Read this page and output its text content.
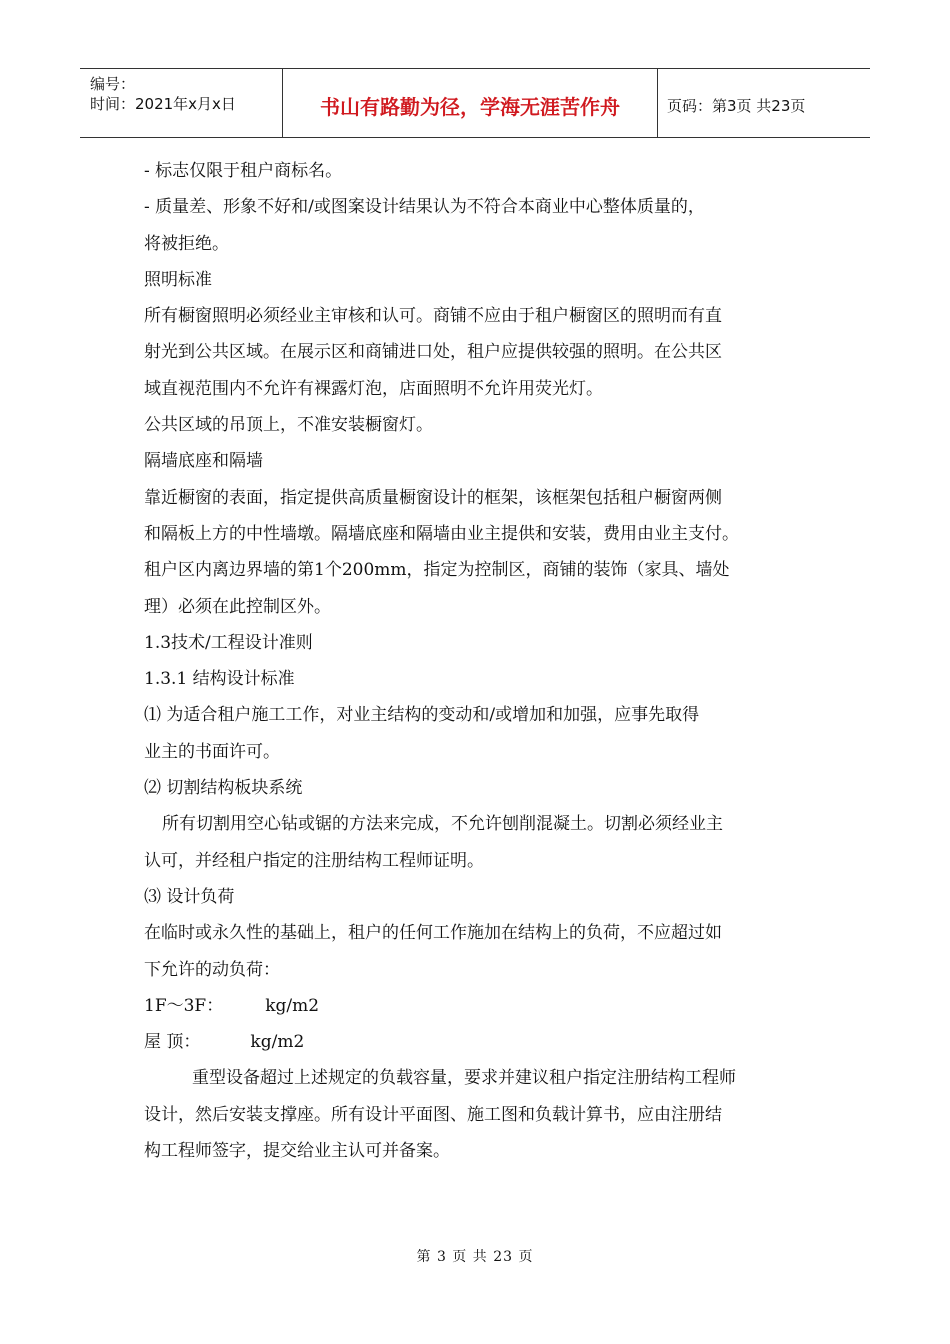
编号：
时间：2021年x月x日	书山有路勤为径，学海无涯苦作舟	页码：第3页 共23页
- 标志仅限于租户商标名。
- 质量差、形象不好和/或图案设计结果认为不符合本商业中心整体质量的，
将被拒绝。
照明标准
所有橱窗照明必须经业主审核和认可。商铺不应由于租户橱窗区的照明而有直
射光到公共区域。在展示区和商铺进口处，租户应提供较强的照明。在公共区
域直视范围内不允许有裸露灯泡，店面照明不允许用荧光灯。
公共区域的吊顶上，不准安装橱窗灯。
隔墙底座和隔墙
靠近橱窗的表面，指定提供高质量橱窗设计的框架，该框架包括租户橱窗两侧
和隔板上方的中性墙墩。隔墙底座和隔墙由业主提供和安装，费用由业主支付。
租户区内离边界墙的第1个200mm，指定为控制区，商铺的装饰（家具、墙处
理）必须在此控制区外。
1.3技术/工程设计准则
1.3.1 结构设计标准
⑴ 为适合租户施工工作，对业主结构的变动和/或增加和加强，应事先取得
业主的书面许可。
⑵ 切割结构板块系统
所有切割用空心钻或锯的方法来完成，不允许刨削混凝土。切割必须经业主
认可，并经租户指定的注册结构工程师证明。
⑶ 设计负荷
在临时或永久性的基础上，租户的任何工作施加在结构上的负荷，不应超过如
下允许的动负荷：
1F～3F： kg/m2
屋 顶：	kg/m2
重型设备超过上述规定的负载容量，要求并建议租户指定注册结构工程师
设计，然后安装支撑座。所有设计平面图、施工图和负载计算书，应由注册结
构工程师签字，提交给业主认可并备案。
第 3 页 共 23 页
